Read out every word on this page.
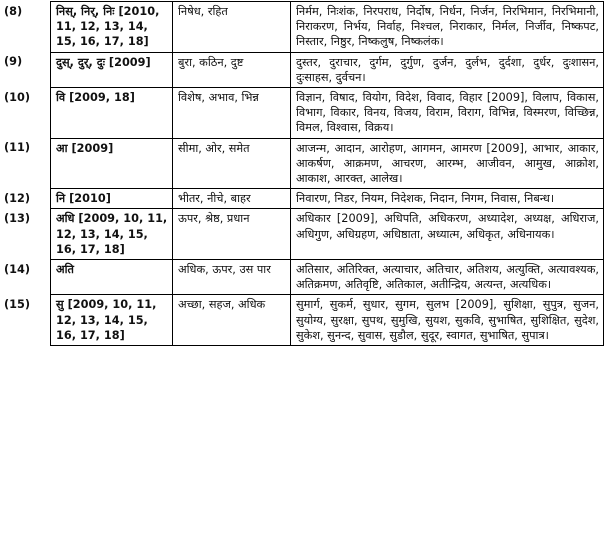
(8)	निस्, निर्, निः [2010, 11, 12, 13, 14, 15, 16, 17, 18]	निषेध, रहित	निर्मम, निःशंक, निरपराध, निर्दोष, निर्धन, निर्जन, निरभिमान, निरभिमानी, निराकरण, निर्भय, निर्वाह, निश्चल, निराकार, निर्मल, निर्जीव, निष्कपट, निस्तार, निष्ठुर, निष्कलुष, निष्कलंक।
(9)	दुस्, दुर्, दुः [2009]	बुरा, कठिन, दुष्ट	दुस्तर, दुराचार, दुर्गम, दुर्गुण, दुर्जन, दुर्लभ, दुर्दशा, दुर्धर, दुःशासन, दुःसाहस, दुर्वचन।
(10)	वि [2009, 18]	विशेष, अभाव, भिन्न	विज्ञान, विषाद, वियोग, विदेश, विवाद, विहार [2009], विलाप, विकास, विभाग, विकार, विनय, विजय, विराम, विराग, विभिन्न, विस्मरण, विच्छिन्न, विमल, विश्वास, विक्रय।
(11)	आ [2009]	सीमा, ओर, समेत	आजन्म, आदान, आरोहण, आगमन, आमरण [2009], आभार, आकार, आकर्षण, आक्रमण, आचरण, आरम्भ, आजीवन, आमुख, आक्रोश, आकाश, आरक्त, आलेख।
(12)	नि [2010]	भीतर, नीचे, बाहर	निवारण, निडर, नियम, निदेशक, निदान, निगम, निवास, निबन्ध।
(13)	अधि [2009, 10, 11, 12, 13, 14, 15, 16, 17, 18]	ऊपर, श्रेष्ठ, प्रधान	अधिकार [2009], अधिपति, अधिकरण, अध्यादेश, अध्यक्ष, अधिराज, अधिगुण, अधिग्रहण, अधिष्ठाता, अध्यात्म, अधिकृत, अधिनायक।
(14)	अति	अधिक, ऊपर, उस पार	अतिसार, अतिरिक्त, अत्याचार, अतिचार, अतिशय, अत्युक्ति, अत्यावश्यक, अतिक्रमण, अतिवृष्टि, अतिकाल, अतीन्द्रिय, अत्यन्त, अत्यधिक।
(15)	सु [2009, 10, 11, 12, 13, 14, 15, 16, 17, 18]	अच्छा, सहज, अधिक	सुमार्ग, सुकर्म, सुधार, सुगम, सुलभ [2009], सुशिक्षा, सुपुत्र, सुजन, सुयोग्य, सुरक्षा, सुपथ, सुमुखि, सुयश, सुकवि, सुभाषित, सुशिक्षित, सुदेश, सुकेश, सुनन्द, सुवास, सुडौल, सुदूर, स्वागत, सुभाषित, सुपात्र।
